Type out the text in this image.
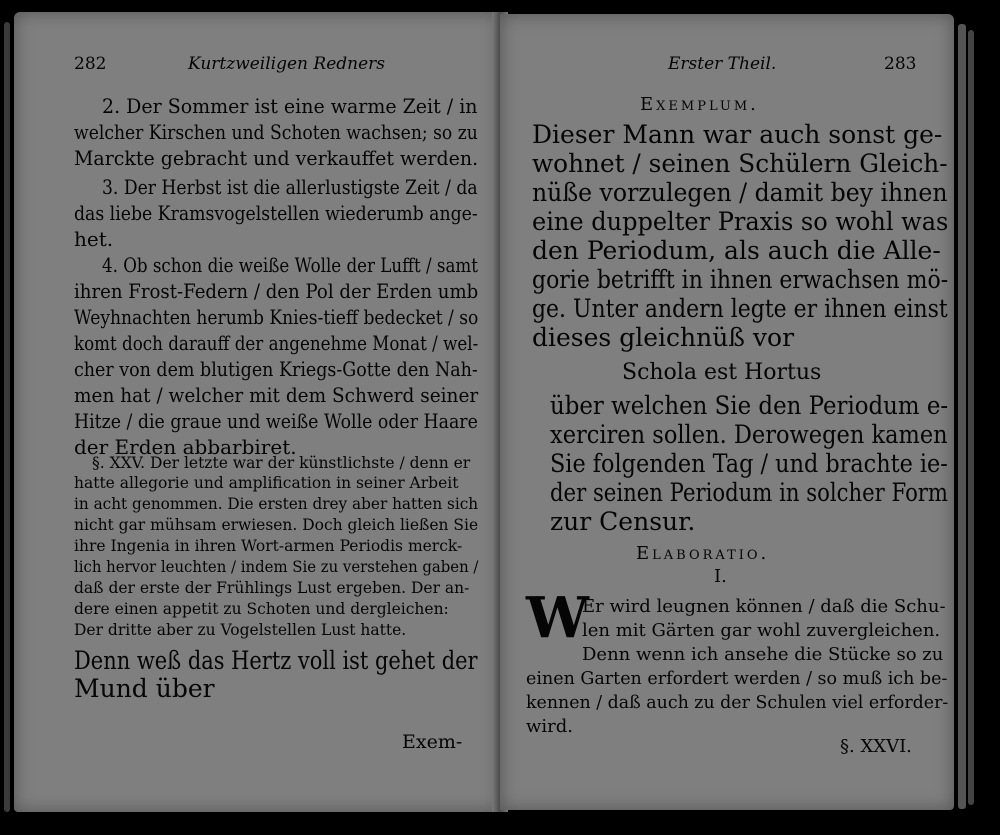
282	Kurtzweiligen Redners
2. Der Sommer ist eine warme Zeit / in
welcher Kirschen und Schoten wachsen; so zu
Marckte gebracht und verkauffet werden.
3. Der Herbst ist die allerlustigste Zeit / da
das liebe Kramsvogelstellen wiederumb ange-
het.
4. Ob schon die weiße Wolle der Lufft / samt
ihren Frost-Federn / den Pol der Erden umb
Weyhnachten herumb Knies-tieff bedecket / so
komt doch darauff der angenehme Monat / wel-
cher von dem blutigen Kriegs-Gotte den Nah-
men hat / welcher mit dem Schwerd seiner
Hitze / die graue und weiße Wolle oder Haare
der Erden abbarbiret.
§. XXV. Der letzte war der künstlichste / denn er
hatte allegorie und amplification in seiner Arbeit
in acht genommen. Die ersten drey aber hatten sich
nicht gar mühsam erwiesen. Doch gleich ließen Sie
ihre Ingenia in ihren Wort-armen Periodis merck-
lich hervor leuchten / indem Sie zu verstehen gaben /
daß der erste der Frühlings Lust ergeben. Der an-
dere einen appetit zu Schoten und dergleichen:
Der dritte aber zu Vogelstellen Lust hatte.
Denn weß das Hertz voll ist gehet der
Mund über
Exem-
Erster Theil.	283
Exemplum.
Dieser Mann war auch sonst ge-
wohnet / seinen Schülern Gleich-
nüße vorzulegen / damit bey ihnen
eine duppelter Praxis so wohl was
den Periodum, als auch die Alle-
gorie betrifft in ihnen erwachsen mö-
ge. Unter andern legte er ihnen einst
dieses gleichnüß vor
Schola est Hortus
über welchen Sie den Periodum e-
xerciren sollen. Derowegen kamen
Sie folgenden Tag / und brachte ie-
der seinen Periodum in solcher Form
zur Censur.
Elaboratio.
I.
W
Er wird leugnen können / daß die Schu-
len mit Gärten gar wohl zuvergleichen.
Denn wenn ich ansehe die Stücke so zu
einen Garten erfordert werden / so muß ich be-
kennen / daß auch zu der Schulen viel erforder-
wird.
§. XXVI.
